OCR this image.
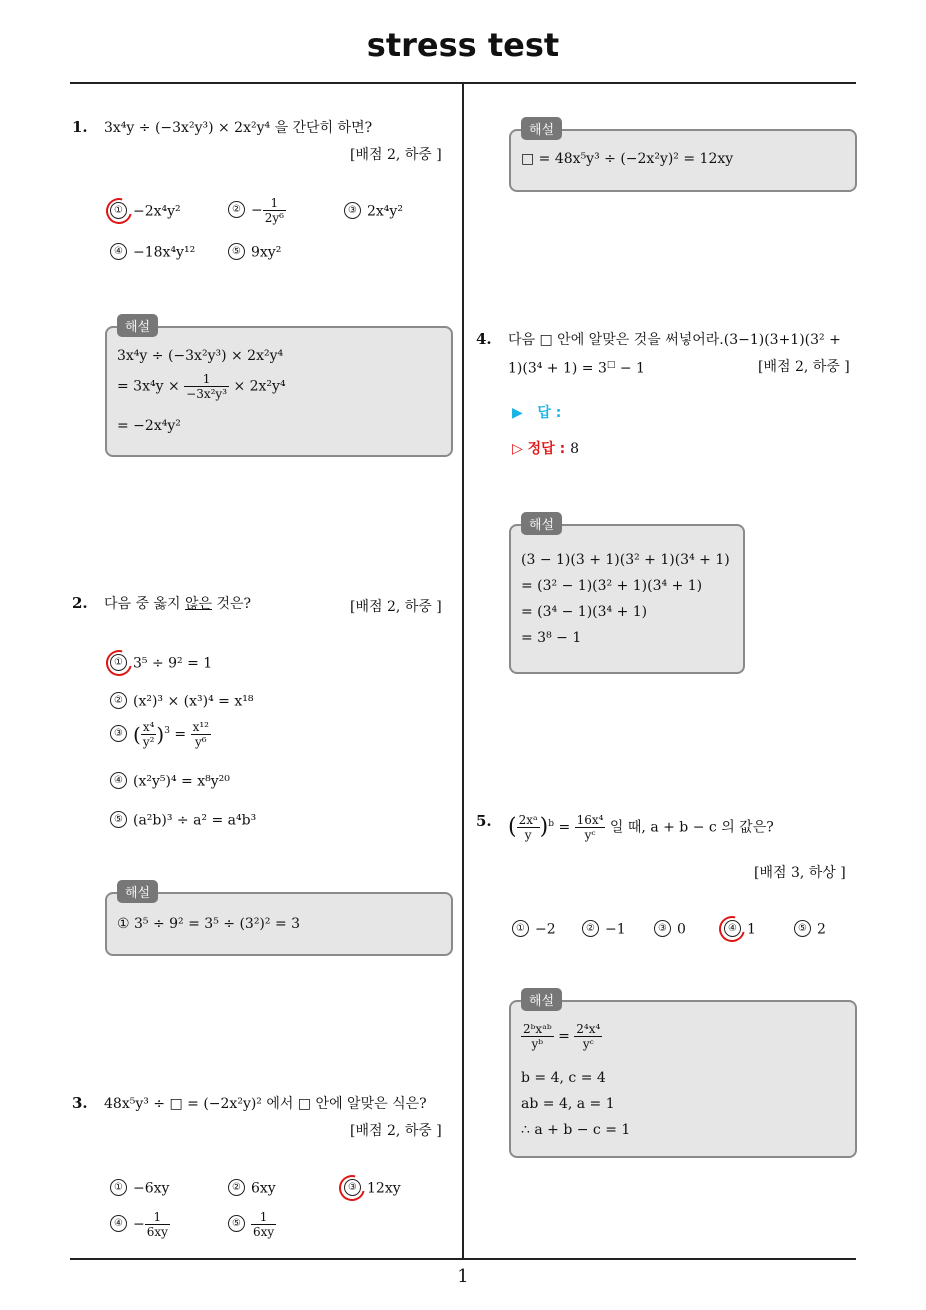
stress test
1
1. 3x⁴y ÷ (−3x²y³) × 2x²y⁴ 을 간단히 하면?
[배점 2, 하중 ]
① −2x⁴y²	② − $\frac{1}{\text{2y⁶}}$	③ 2x⁴y²
④ −18x⁴y¹²	⑤ 9xy²
해설
3x⁴y ÷ (−3x²y³) × 2x²y⁴
= $3x^4y \times \frac{1}{\text{−3x²y³}} \times 2x^2y^4$
= −2x⁴y²
2. 다음 중 옳지 않은 것은?	[배점 2, 하중 ]
① 3⁵ ÷ 9² = 1
② (x²)³ × (x³)⁴ = x¹⁸
③ ( $\frac{\text{x⁴}}{\text{y²}} )^3 = \frac{\text{x¹²}}{\text{y⁶}}$
④ (x²y⁵)⁴ = x⁸y²⁰
⑤ (a²b)³ ÷ a² = a⁴b³
해설
① 3⁵ ÷ 9² = 3⁵ ÷ (3²)² = 3
3. 48x⁵y³ ÷ □ = (−2x²y)² 에서 □ 안에 알맞은 식은?
[배점 2, 하중 ]
① −6xy	② 6xy	③ 12xy
④ − $\frac{1}{6xy}$	⑤ $\frac{1}{6xy}$
해설
□ = 48x⁵y³ ÷ (−2x²y)² = 12xy
4. 다음 □ 안에 알맞은 것을 써넣어라.(3−1)(3+1)(3² +
1)(3⁴ + 1) = 3□ − 1	[배점 2, 하중 ]
▶ 답 :
▷ 정답 : 8
해설
(3 − 1)(3 + 1)(3² + 1)(3⁴ + 1)
= (3² − 1)(3² + 1)(3⁴ + 1)
= (3⁴ − 1)(3⁴ + 1)
= 3⁸ − 1
5. ( $\frac{\text{2xᵃ}}{y} )^b = \frac{\text{16x⁴}}{\text{yᶜ}}$ 일 때, a + b − c 의 값은?
[배점 3, 하상 ]
① −2	② −1	③ 0	④ 1	⑤ 2
해설
$\frac{\text{2ᵇxᵃᵇ}}{\text{yᵇ}} = \frac{\text{2⁴x⁴}}{\text{yᶜ}}$
b = 4, c = 4
ab = 4, a = 1
∴ a + b − c = 1
